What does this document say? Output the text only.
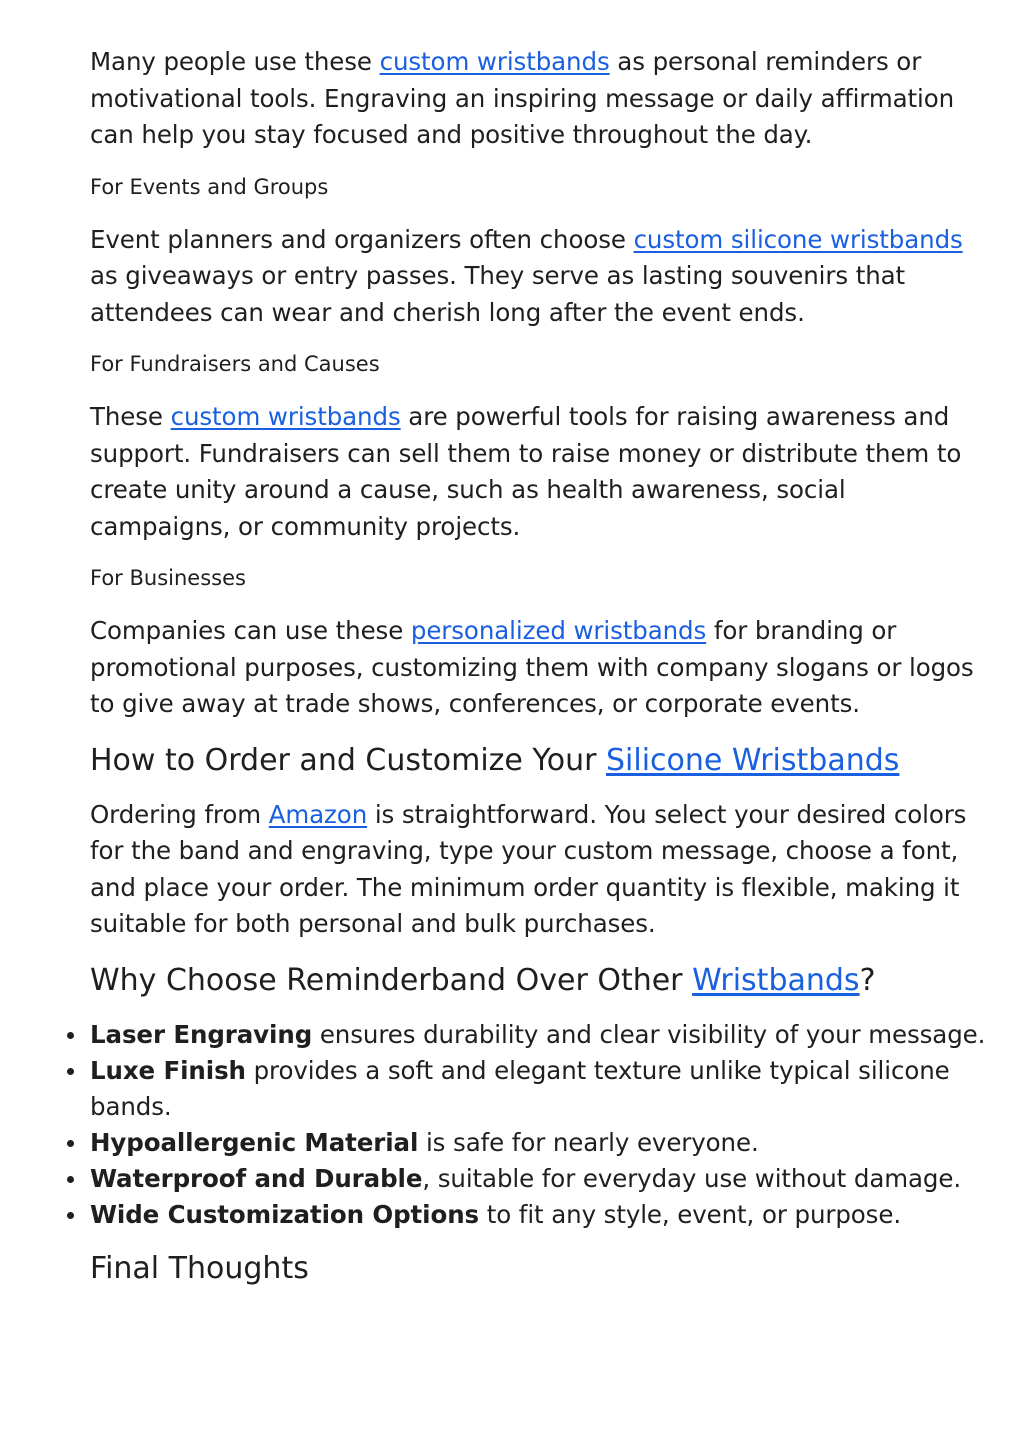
Many people use these custom wristbands as personal reminders or motivational tools. Engraving an inspiring message or daily affirmation can help you stay focused and positive throughout the day.

For Events and Groups

Event planners and organizers often choose custom silicone wristbands as giveaways or entry passes. They serve as lasting souvenirs that attendees can wear and cherish long after the event ends.

For Fundraisers and Causes

These custom wristbands are powerful tools for raising awareness and support. Fundraisers can sell them to raise money or distribute them to create unity around a cause, such as health awareness, social campaigns, or community projects.

For Businesses

Companies can use these personalized wristbands for branding or promotional purposes, customizing them with company slogans or logos to give away at trade shows, conferences, or corporate events.

How to Order and Customize Your Silicone Wristbands

Ordering from Amazon is straightforward. You select your desired colors for the band and engraving, type your custom message, choose a font, and place your order. The minimum order quantity is flexible, making it suitable for both personal and bulk purchases.

Why Choose Reminderband Over Other Wristbands?
Laser Engraving ensures durability and clear visibility of your message.
Luxe Finish provides a soft and elegant texture unlike typical silicone bands.
Hypoallergenic Material is safe for nearly everyone.
Waterproof and Durable, suitable for everyday use without damage.
Wide Customization Options to fit any style, event, or purpose.
Final Thoughts
